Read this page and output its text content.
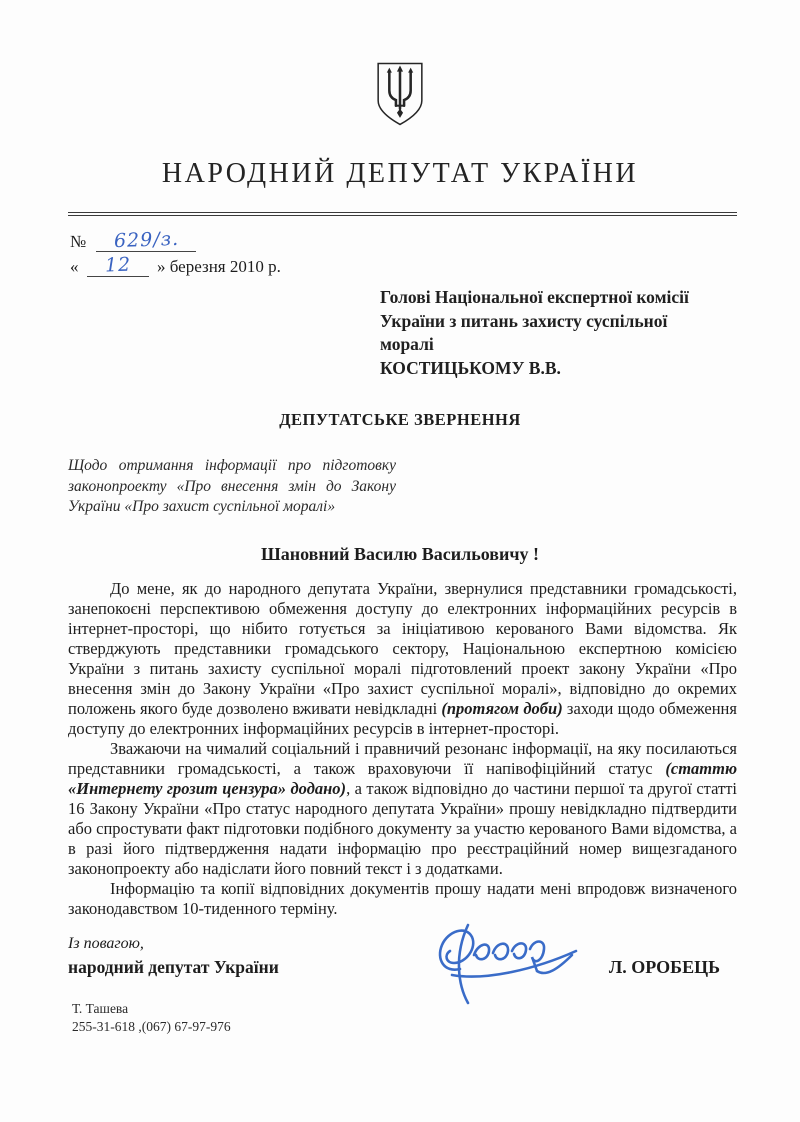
НАРОДНИЙ ДЕПУТАТ УКРАЇНИ
№ 629/з.
« 12 » березня 2010 р.
Голові Національної експертної комісії
України з питань захисту суспільної
моралі
КОСТИЦЬКОМУ В.В.
ДЕПУТАТСЬКЕ ЗВЕРНЕННЯ
Щодо отримання інформації про підготовку законопроекту «Про внесення змін до Закону України «Про захист суспільної моралі»
Шановний Василю Васильовичу !

До мене, як до народного депутата України, звернулися представники громадськості, занепокоєні перспективою обмеження доступу до електронних інформаційних ресурсів в інтернет-просторі, що нібито готується за ініціативою керованого Вами відомства. Як стверджують представники громадського сектору, Національною експертною комісією України з питань захисту суспільної моралі підготовлений проект закону України «Про внесення змін до Закону України «Про захист суспільної моралі», відповідно до окремих положень якого буде дозволено вживати невідкладні (протягом доби) заходи щодо обмеження доступу до електронних інформаційних ресурсів в інтернет-просторі.

Зважаючи на чималий соціальний і правничий резонанс інформації, на яку посилаються представники громадськості, а також враховуючи її напівофіційний статус (статтю «Интернету грозит цензура» додано), а також відповідно до частини першої та другої статті 16 Закону України «Про статус народного депутата України» прошу невідкладно підтвердити або спростувати факт підготовки подібного документу за участю керованого Вами відомства, а в разі його підтвердження надати інформацію про реєстраційний номер вищезгаданого законопроекту або надіслати його повний текст і з додатками.

Інформацію та копії відповідних документів прошу надати мені впродовж визначеного законодавством 10-тиденного терміну.

Із повагою,
народний депутат України	Л. ОРОБЕЦЬ
Т. Ташева
255-31-618 ,(067) 67-97-976
